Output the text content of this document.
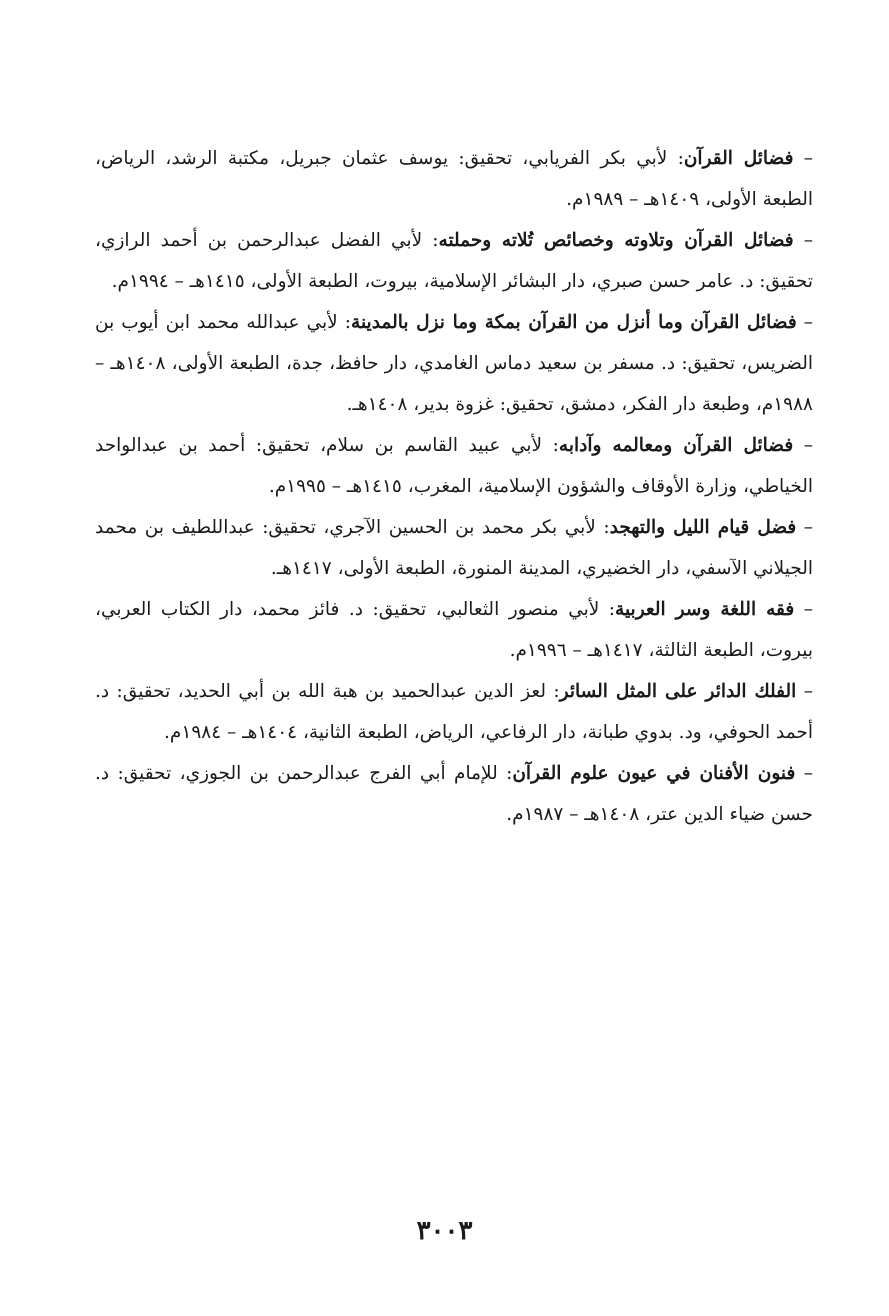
– فضائل القرآن: لأبي بكر الفريابي، تحقيق: يوسف عثمان جبريل، مكتبة الرشد، الرياض، الطبعة الأولى، ١٤٠٩هـ – ١٩٨٩م.

– فضائل القرآن وتلاوته وخصائص تُلاته وحملته: لأبي الفضل عبدالرحمن بن أحمد الرازي، تحقيق: د. عامر حسن صبري، دار البشائر الإسلامية، بيروت، الطبعة الأولى، ١٤١٥هـ – ١٩٩٤م.

– فضائل القرآن وما أنزل من القرآن بمكة وما نزل بالمدينة: لأبي عبدالله محمد ابن أيوب بن الضريس، تحقيق: د. مسفر بن سعيد دماس الغامدي، دار حافظ، جدة، الطبعة الأولى، ١٤٠٨هـ – ١٩٨٨م، وطبعة دار الفكر، دمشق، تحقيق: غزوة بدير، ١٤٠٨هـ.

– فضائل القرآن ومعالمه وآدابه: لأبي عبيد القاسم بن سلام، تحقيق: أحمد بن عبدالواحد الخياطي، وزارة الأوقاف والشؤون الإسلامية، المغرب، ١٤١٥هـ – ١٩٩٥م.

– فضل قيام الليل والتهجد: لأبي بكر محمد بن الحسين الآجري، تحقيق: عبداللطيف بن محمد الجيلاني الآسفي، دار الخضيري، المدينة المنورة، الطبعة الأولى، ١٤١٧هـ.

– فقه اللغة وسر العربية: لأبي منصور الثعالبي، تحقيق: د. فائز محمد، دار الكتاب العربي، بيروت، الطبعة الثالثة، ١٤١٧هـ – ١٩٩٦م.

– الفلك الدائر على المثل السائر: لعز الدين عبدالحميد بن هبة الله بن أبي الحديد، تحقيق: د. أحمد الحوفي، ود. بدوي طبانة، دار الرفاعي، الرياض، الطبعة الثانية، ١٤٠٤هـ – ١٩٨٤م.

– فنون الأفنان في عيون علوم القرآن: للإمام أبي الفرج عبدالرحمن بن الجوزي، تحقيق: د. حسن ضياء الدين عتر، ١٤٠٨هـ – ١٩٨٧م.

٣٠٠٣
